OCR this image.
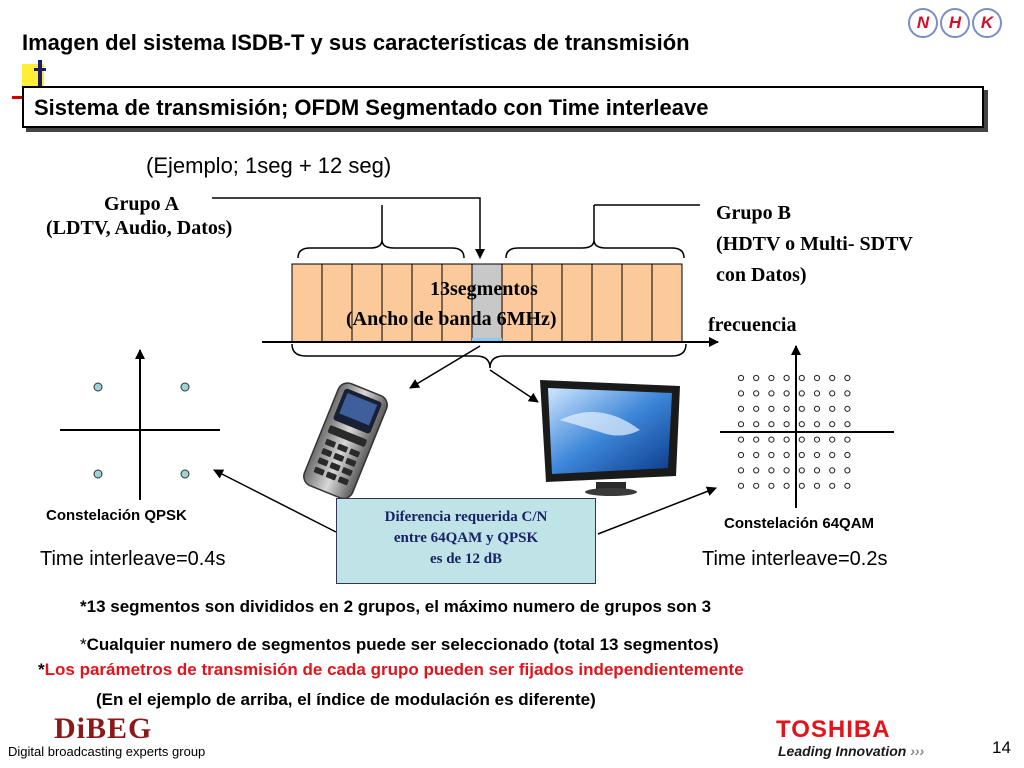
Imagen del sistema ISDB-T y sus características de transmisión
N	H	K
Sistema de transmisión; OFDM Segmentado con Time interleave
(Ejemplo; 1seg + 12 seg)
Grupo A
(LDTV, Audio, Datos)
Grupo B
(HDTV o Multi- SDTV
con Datos)
13segmentos
(Ancho de banda 6MHz)	frecuencia
Constelación QPSK
Time interleave=0.4s
Constelación 64QAM
Time interleave=0.2s
Diferencia requerida C/N
entre 64QAM y QPSK
es de 12 dB
*13 segmentos son divididos en 2 grupos, el máximo numero de grupos son 3
*Cualquier numero de segmentos puede ser seleccionado (total 13 segmentos)
*Los parámetros de transmisión de cada grupo pueden ser fijados independientemente
(En el ejemplo de arriba, el índice de modulación es diferente)
DiBEG
Digital broadcasting experts group
TOSHIBA
Leading Innovation ›››	14
